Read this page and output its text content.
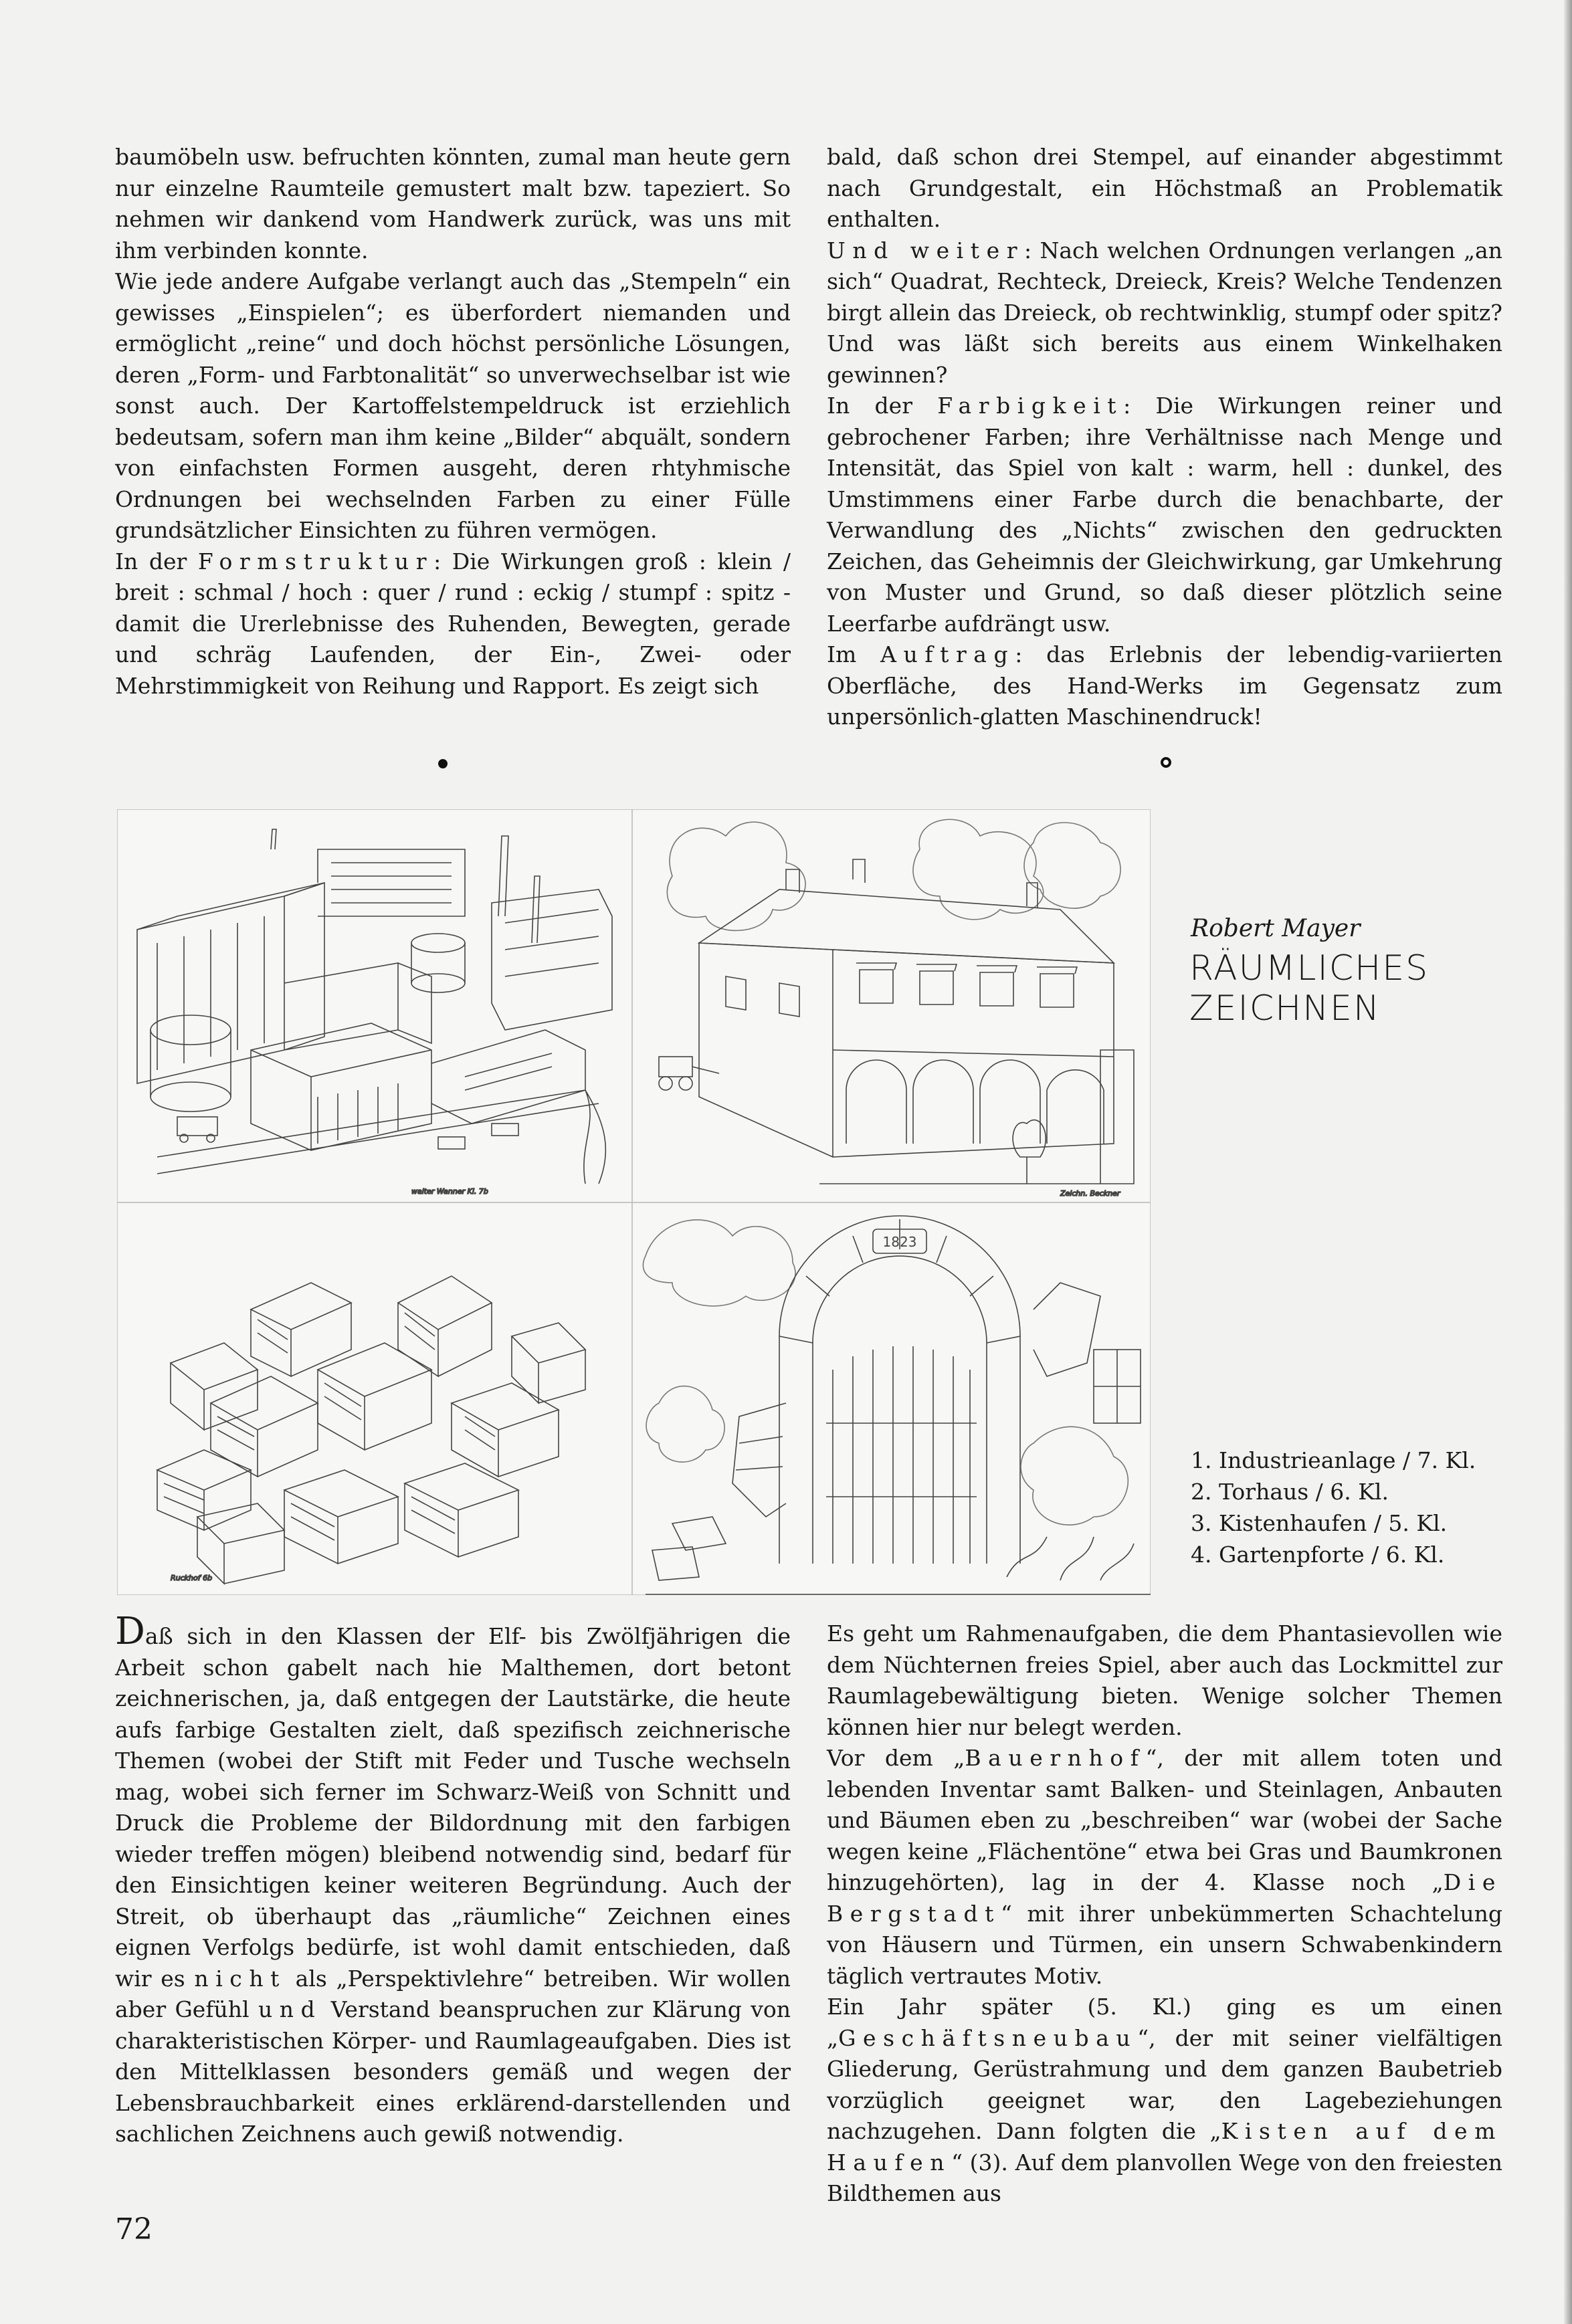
baumöbeln usw. befruchten könnten, zumal man heute gern nur einzelne Raumteile gemustert malt bzw. tapeziert. So nehmen wir dankend vom Handwerk zurück, was uns mit ihm verbinden konnte.

Wie jede andere Aufgabe verlangt auch das „Stempeln“ ein gewisses „Einspielen“; es überfordert niemanden und ermöglicht „reine“ und doch höchst persönliche Lösungen, deren „Form- und Farbtonalität“ so unverwechselbar ist wie sonst auch. Der Kartoffelstempeldruck ist erziehlich bedeutsam, sofern man ihm keine „Bilder“ abquält, sondern von einfachsten Formen ausgeht, deren rhtyhmische Ordnungen bei wechselnden Farben zu einer Fülle grundsätzlicher Einsichten zu führen vermögen.

In der Formstruktur: Die Wirkungen groß : klein / breit : schmal / hoch : quer / rund : eckig / stumpf : spitz - damit die Urerlebnisse des Ruhenden, Bewegten, gerade und schräg Laufenden, der Ein-, Zwei- oder Mehrstimmigkeit von Reihung und Rapport. Es zeigt sich

bald, daß schon drei Stempel, auf einander abgestimmt nach Grundgestalt, ein Höchstmaß an Problematik enthalten.

Und weiter: Nach welchen Ordnungen verlangen „an sich“ Quadrat, Rechteck, Dreieck, Kreis? Welche Tendenzen birgt allein das Dreieck, ob rechtwinklig, stumpf oder spitz? Und was läßt sich bereits aus einem Winkelhaken gewinnen?

In der Farbigkeit: Die Wirkungen reiner und gebrochener Farben; ihre Verhältnisse nach Menge und Intensität, das Spiel von kalt : warm, hell : dunkel, des Umstimmens einer Farbe durch die benachbarte, der Verwandlung des „Nichts“ zwischen den gedruckten Zeichen, das Geheimnis der Gleichwirkung, gar Umkehrung von Muster und Grund, so daß dieser plötzlich seine Leerfarbe aufdrängt usw.

Im Auftrag: das Erlebnis der lebendig-variierten Oberfläche, des Hand-Werks im Gegensatz zum unpersönlich-glatten Maschinendruck!

walter Wanner Kl. 7b	Zeichn. Beckner
Ruckhof 6b
1823
Robert Mayer
RÄUMLICHES
ZEICHNEN
1. Industrieanlage / 7. Kl.
2. Torhaus / 6. Kl.
3. Kistenhaufen / 5. Kl.
4. Gartenpforte / 6. Kl.

Daß sich in den Klassen der Elf- bis Zwölfjährigen die Arbeit schon gabelt nach hie Malthemen, dort betont zeichnerischen, ja, daß entgegen der Lautstärke, die heute aufs farbige Gestalten zielt, daß spezifisch zeichnerische Themen (wobei der Stift mit Feder und Tusche wechseln mag, wobei sich ferner im Schwarz-Weiß von Schnitt und Druck die Probleme der Bildordnung mit den farbigen wieder treffen mögen) bleibend notwendig sind, bedarf für den Einsichtigen keiner weiteren Begründung. Auch der Streit, ob überhaupt das „räumliche“ Zeichnen eines eignen Verfolgs bedürfe, ist wohl damit entschieden, daß wir es nicht als „Perspektivlehre“ betreiben. Wir wollen aber Gefühl und Verstand beanspruchen zur Klärung von charakteristischen Körper- und Raumlageaufgaben. Dies ist den Mittelklassen besonders gemäß und wegen der Lebensbrauchbarkeit eines erklärend-darstellenden und sachlichen Zeichnens auch gewiß notwendig.

Es geht um Rahmenaufgaben, die dem Phantasievollen wie dem Nüchternen freies Spiel, aber auch das Lockmittel zur Raumlagebewältigung bieten. Wenige solcher Themen können hier nur belegt werden.

Vor dem „Bauernhof“, der mit allem toten und lebenden Inventar samt Balken- und Steinlagen, Anbauten und Bäumen eben zu „beschreiben“ war (wobei der Sache wegen keine „Flächentöne“ etwa bei Gras und Baumkronen hinzugehörten), lag in der 4. Klasse noch „Die Bergstadt“ mit ihrer unbekümmerten Schachtelung von Häusern und Türmen, ein unsern Schwabenkindern täglich vertrautes Motiv.

Ein Jahr später (5. Kl.) ging es um einen „Geschäftsneubau“, der mit seiner vielfältigen Gliederung, Gerüstrahmung und dem ganzen Baubetrieb vorzüglich geeignet war, den Lagebeziehungen nachzugehen. Dann folgten die „Kisten auf dem Haufen“ (3). Auf dem planvollen Wege von den freiesten Bildthemen aus

72
